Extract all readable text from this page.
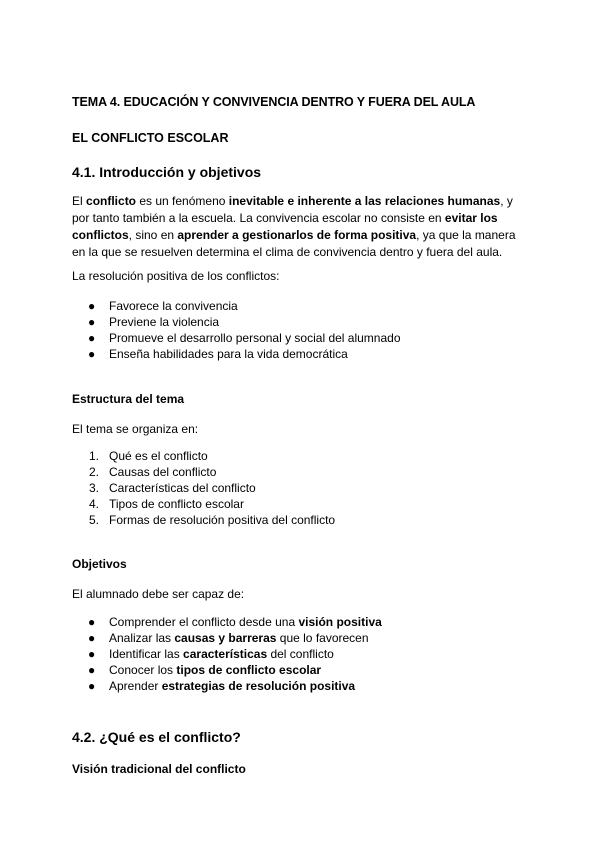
TEMA 4. EDUCACIÓN Y CONVIVENCIA DENTRO Y FUERA DEL AULA
EL CONFLICTO ESCOLAR
4.1. Introducción y objetivos
El conflicto es un fenómeno inevitable e inherente a las relaciones humanas, y por tanto también a la escuela. La convivencia escolar no consiste en evitar los conflictos, sino en aprender a gestionarlos de forma positiva, ya que la manera en la que se resuelven determina el clima de convivencia dentro y fuera del aula.
La resolución positiva de los conflictos:
● Favorece la convivencia
● Previene la violencia
● Promueve el desarrollo personal y social del alumnado
● Enseña habilidades para la vida democrática
Estructura del tema
El tema se organiza en:
1. Qué es el conflicto
2. Causas del conflicto
3. Características del conflicto
4. Tipos de conflicto escolar
5. Formas de resolución positiva del conflicto
Objetivos
El alumnado debe ser capaz de:
● Comprender el conflicto desde una visión positiva
● Analizar las causas y barreras que lo favorecen
● Identificar las características del conflicto
● Conocer los tipos de conflicto escolar
● Aprender estrategias de resolución positiva
4.2. ¿Qué es el conflicto?
Visión tradicional del conflicto
